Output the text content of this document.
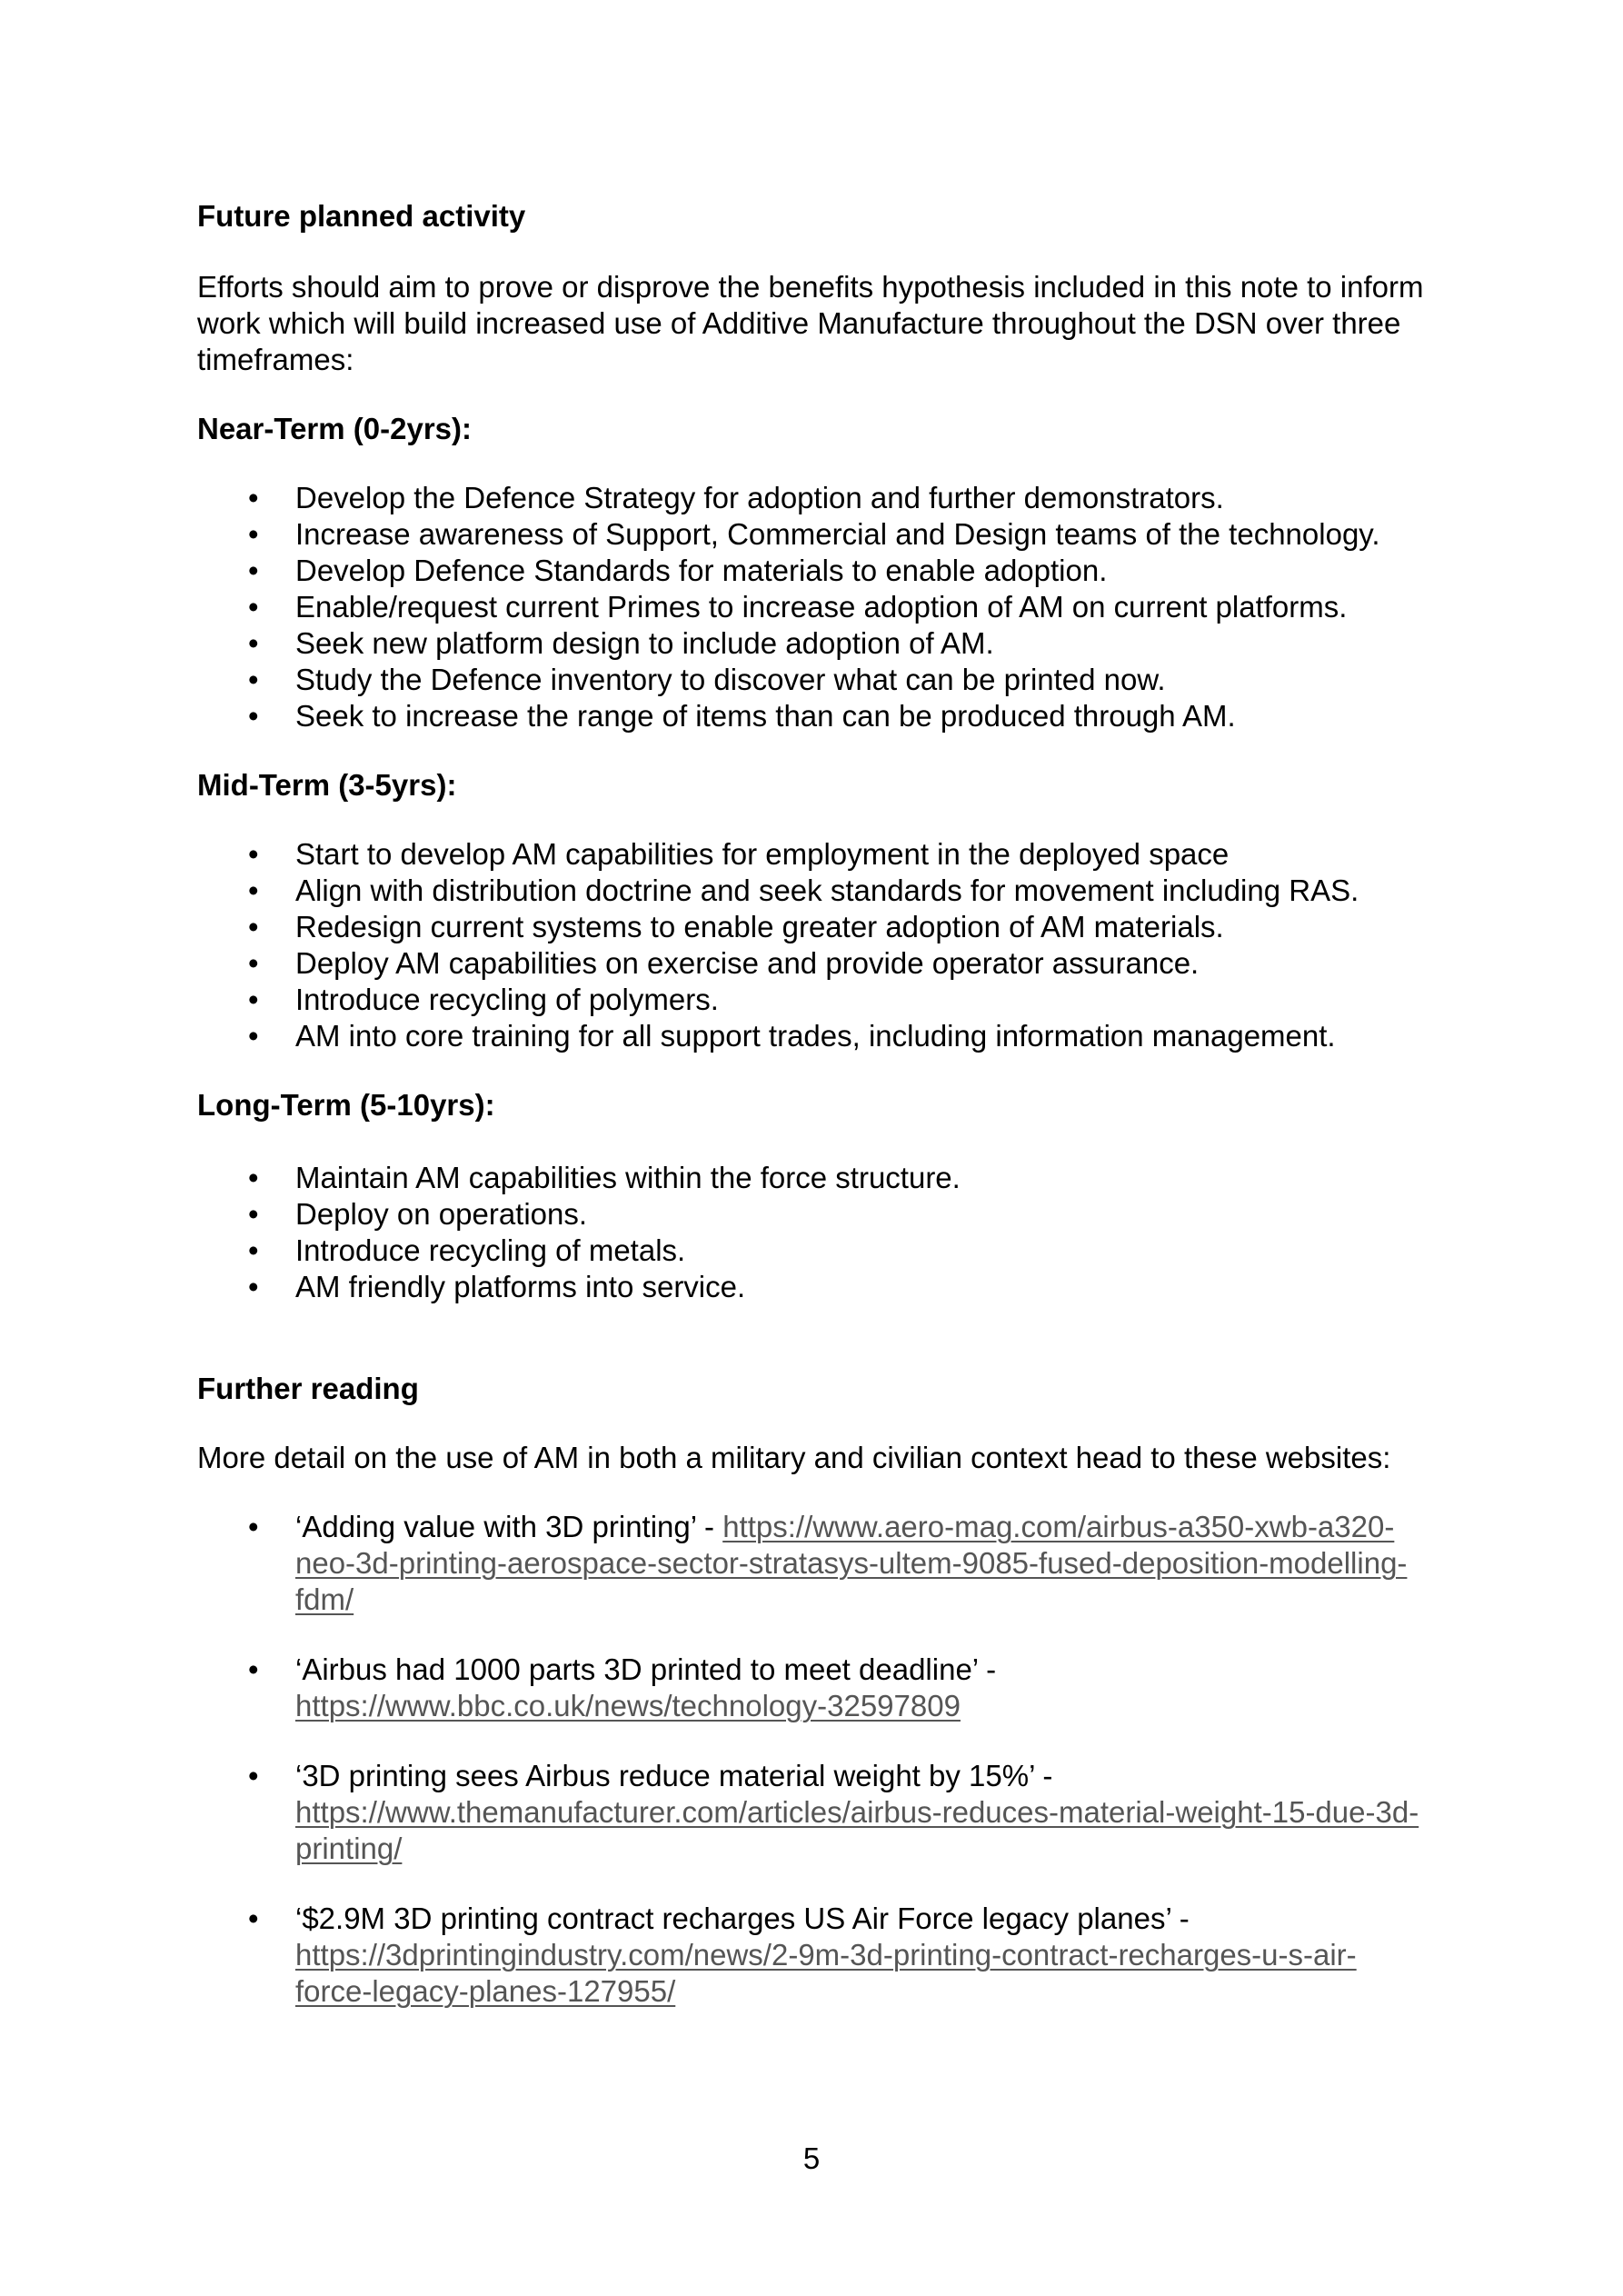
Future planned activity

Efforts should aim to prove or disprove the benefits hypothesis included in this note to inform
work which will build increased use of Additive Manufacture throughout the DSN over three
timeframes:

Near-Term (0-2yrs):

• Develop the Defence Strategy for adoption and further demonstrators.
• Increase awareness of Support, Commercial and Design teams of the technology.
• Develop Defence Standards for materials to enable adoption.
• Enable/request current Primes to increase adoption of AM on current platforms.
• Seek new platform design to include adoption of AM.
• Study the Defence inventory to discover what can be printed now.
• Seek to increase the range of items than can be produced through AM.

Mid-Term (3-5yrs):

• Start to develop AM capabilities for employment in the deployed space
• Align with distribution doctrine and seek standards for movement including RAS.
• Redesign current systems to enable greater adoption of AM materials.
• Deploy AM capabilities on exercise and provide operator assurance.
• Introduce recycling of polymers.
• AM into core training for all support trades, including information management.

Long-Term (5-10yrs):

• Maintain AM capabilities within the force structure.
• Deploy on operations.
• Introduce recycling of metals.
• AM friendly platforms into service.

Further reading

More detail on the use of AM in both a military and civilian context head to these websites:

• ‘Adding value with 3D printing’ - https://www.aero-mag.com/airbus-a350-xwb-a320-
neo-3d-printing-aerospace-sector-stratasys-ultem-9085-fused-deposition-modelling-
fdm/
• ‘Airbus had 1000 parts 3D printed to meet deadline’ -
https://www.bbc.co.uk/news/technology-32597809
• ‘3D printing sees Airbus reduce material weight by 15%’ -
https://www.themanufacturer.com/articles/airbus-reduces-material-weight-15-due-3d-
printing/
• ‘$2.9M 3D printing contract recharges US Air Force legacy planes’ -
https://3dprintingindustry.com/news/2-9m-3d-printing-contract-recharges-u-s-air-
force-legacy-planes-127955/
5
